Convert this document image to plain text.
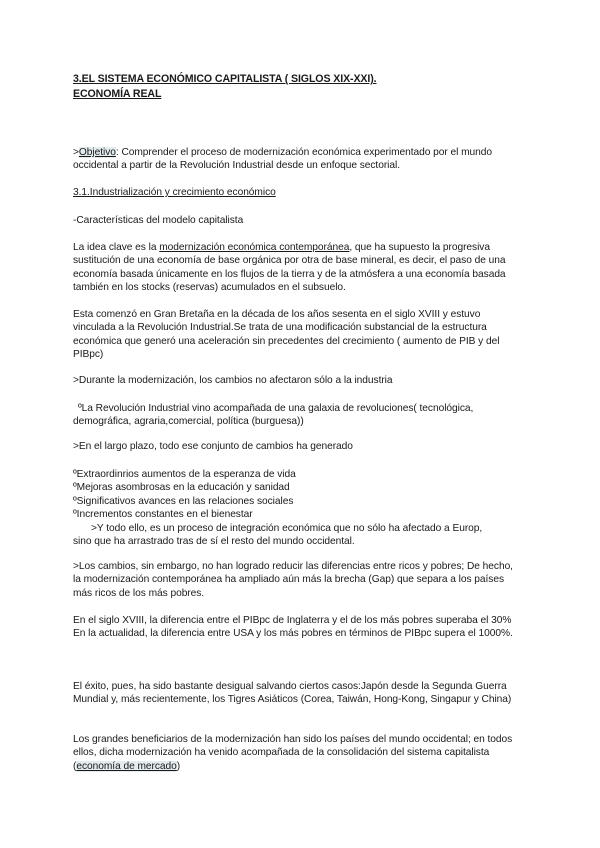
3.EL SISTEMA ECONÓMICO CAPITALISTA ( SIGLOS XIX-XXI).

ECONOMÍA REAL

>Objetivo: Comprender el proceso de modernización económica experimentado por el mundo occidental a partir de la Revolución Industrial desde un enfoque sectorial.
3.1.Industrialización y crecimiento económico
-Características del modelo capitalista
La idea clave es la modernización económica contemporánea, que ha supuesto la progresiva sustitución de una economía de base orgánica por otra de base mineral, es decir, el paso de una economía basada únicamente en los flujos de la tierra y de la atmósfera a una economía basada también en los stocks (reservas) acumulados en el subsuelo.
Esta comenzó en Gran Bretaña en la década de los años sesenta en el siglo XVIII y estuvo vinculada a la Revolución Industrial.Se trata de una modificación substancial de la estructura económica que generó una aceleración sin precedentes del crecimiento ( aumento de PIB y del PIBpc)
>Durante la modernización, los cambios no afectaron sólo a la industria
ºLa Revolución Industrial vino acompañada de una galaxia de revoluciones( tecnológica, demográfica, agraria,comercial, política (burguesa))
>En el largo plazo, todo ese conjunto de cambios ha generado

ºExtraordinrios aumentos de la esperanza de vida

ºMejoras asombrosas en la educación y sanidad

ºSignificativos avances en las relaciones sociales

ºIncrementos constantes en el bienestar

>Y todo ello, es un proceso de integración económica que no sólo ha afectado a Europ,

sino que ha arrastrado tras de sí el resto del mundo occidental.
>Los cambios, sin embargo, no han logrado reducir las diferencias entre ricos y pobres; De hecho, la modernización contemporánea ha ampliado aún más la brecha (Gap) que separa a los países más ricos de los más pobres.

En el siglo XVIII, la diferencia entre el PIBpc de Inglaterra y el de los más pobres superaba el 30%

En la actualidad, la diferencia entre USA y los más pobres en términos de PIBpc supera el 1000%.

El éxito, pues, ha sido bastante desigual salvando ciertos casos:Japón desde la Segunda Guerra Mundial y, más recientemente, los Tigres Asiáticos (Corea, Taiwán, Hong-Kong, Singapur y China)
Los grandes beneficiarios de la modernización han sido los países del mundo occidental; en todos ellos, dicha modernización ha venido acompañada de la consolidación del sistema capitalista (economía de mercado)
